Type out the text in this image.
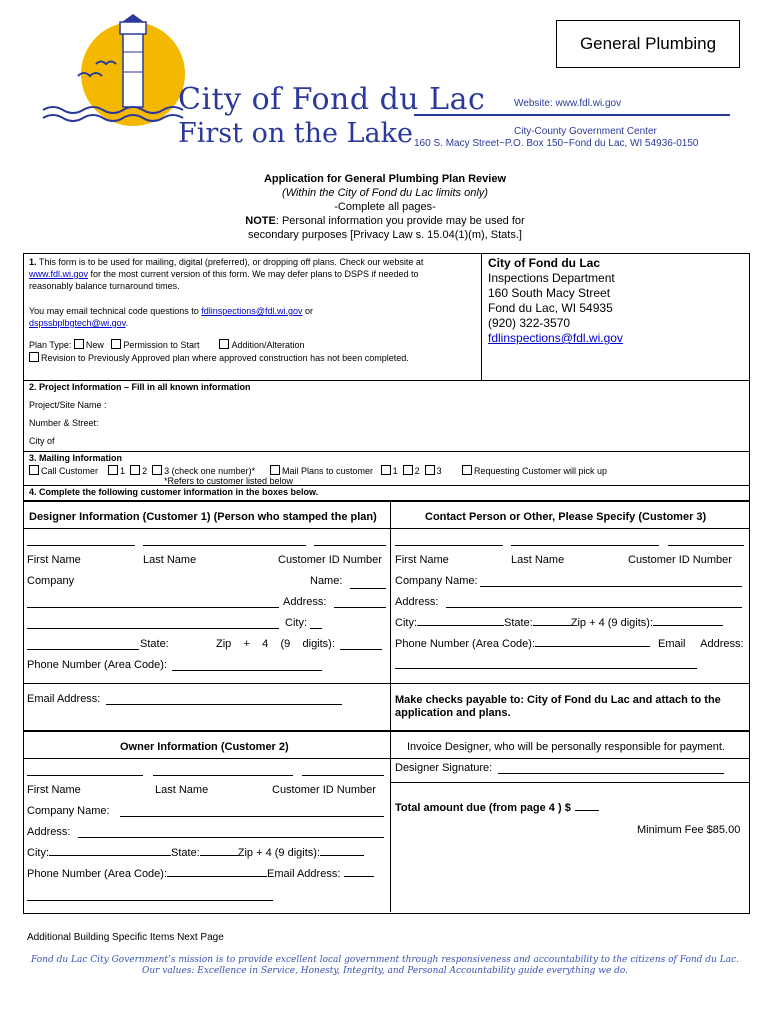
General Plumbing
City of Fond du Lac
First on the Lake
Website: www.fdl.wi.gov
City-County Government Center
160 S. Macy Street~P.O. Box 150~Fond du Lac, WI 54936-0150
Application for General Plumbing Plan Review
(Within the City of Fond du Lac limits only)
-Complete all pages-
NOTE: Personal information you provide may be used for
secondary purposes [Privacy Law s. 15.04(1)(m), Stats.]
1. This form is to be used for mailing, digital (preferred), or dropping off plans. Check our website at
www.fdl.wi.gov for the most current version of this form. We may defer plans to DSPS if needed to
reasonably balance turnaround times.
You may email technical code questions to fdlinspections@fdl.wi.gov or
dspssbplbgtech@wi.gov.
Plan Type: New Permission to Start	Addition/Alteration
Revision to Previously Approved plan where approved construction has not been completed.
City of Fond du Lac
Inspections Department
160 South Macy Street
Fond du Lac, WI 54935
(920) 322-3570
fdlinspections@fdl.wi.gov
2. Project Information – Fill in all known information
Project/Site Name :
Number & Street:
City of
3. Mailing Information
Call Customer 1 2 3 (check one number)*	Mail Plans to customer 1 2 3	Requesting Customer will pick up
*Refers to customer listed below
4. Complete the following customer information in the boxes below.
Designer Information (Customer 1) (Person who stamped the plan)
First Name	Last Name	Customer ID Number
Company	Name:
Address:
City:
State:	Zip    +    4    (9    digits):
Phone Number (Area Code):
Email Address:
Contact Person or Other, Please Specify (Customer 3)
First Name	Last Name	Customer ID Number
Company Name:
Address:
City:	State:	Zip + 4 (9 digits):
Phone Number (Area Code):	Email     Address:
Make checks payable to: City of Fond du Lac and attach to the application and plans.
Owner Information (Customer 2)
First Name	Last Name	Customer ID Number
Company Name:
Address:
City:	State:	Zip + 4 (9 digits):
Phone Number (Area Code):	Email Address:
Invoice Designer, who will be personally responsible for payment.
Designer Signature:
Total amount due (from page 4 ) $
Minimum Fee $85.00
Additional Building Specific Items Next Page
Fond du Lac City Government’s mission is to provide excellent local government through responsiveness and accountability to the citizens of Fond du Lac.
Our values: Excellence in Service, Honesty, Integrity, and Personal Accountability guide everything we do.
